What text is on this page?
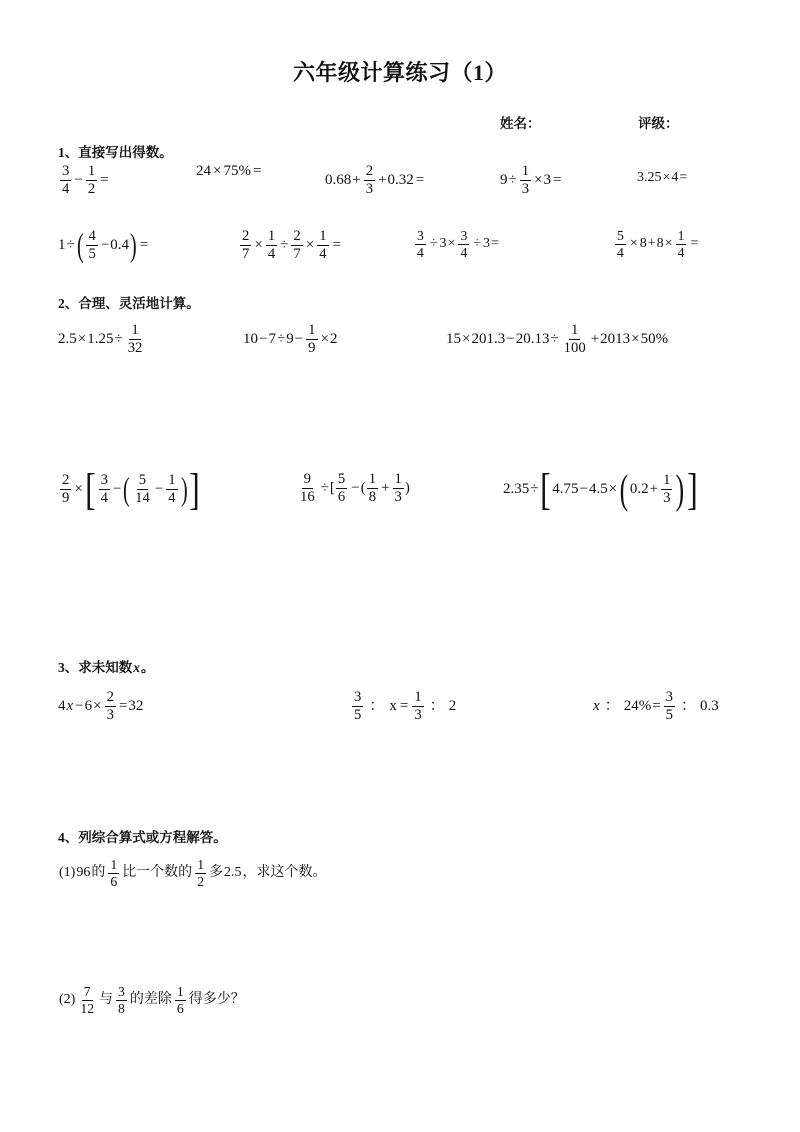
六年级计算练习（1）
姓名：	评级：
1、直接写出得数。
$\frac{3}{4} - \frac{1}{2}$ =
24 × 75% =
$0.68 + \frac{2}{3} + 0.32$ =	$9 \div \frac{1}{3} \times 3$ =	3.25 × 4 =
1 ÷ ( $\frac{4}{5} - 0.4$ ) =	$\frac{2}{7} \times \frac{1}{4} \div \frac{2}{7} \times \frac{1}{4}$ =	$\frac{3}{4} \div 3 \times \frac{3}{4} \div 3$ =	$\frac{5}{4} \times 8 + 8 \times \frac{1}{4}$ =
2、合理、灵活地计算。
$2.5 \times 1.25 \div \frac{1}{32}$	$10 - 7 \div 9 - \frac{1}{9} \times 2$	$15 \times 201.3 - 20.13 \div \frac{1}{100} + 2013 \times 50\%$
$\frac{2}{9}$ × [ $\frac{3}{4}$ − ( $\frac{5}{14} - \frac{1}{4}$ ) ]	$\frac{9}{16}$ ÷ [ $\frac{5}{6}$ − ( $\frac{1}{8} + \frac{1}{3}$ )	2.35 ÷ [ 4.75 − 4.5 × ( $0.2 + \frac{1}{3}$ ) ]
3、求未知数x。
4 $x - 6 \times \frac{2}{3} = 32$	$\frac{3}{5}$ ： $x = \frac{1}{3}$ ： 2	x ： $24\% = \frac{3}{5}$ ： 0.3
4、列综合算式或方程解答。
(1) 96 的 $\frac{1}{6}$ 比一个数的 $\frac{1}{2}$ 多 2.5 ，求这个数。
$(2) \frac{7}{12}$ 与 $\frac{3}{8}$ 的差除 $\frac{1}{6}$ 得多少？
